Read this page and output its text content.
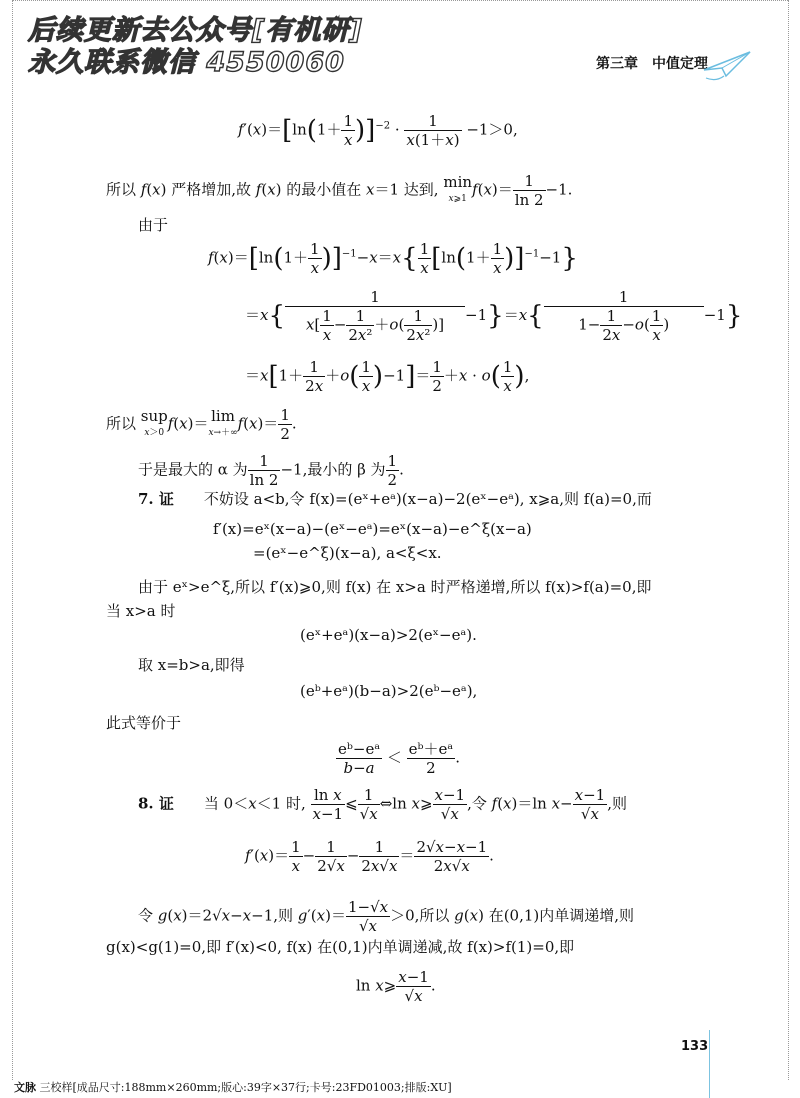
后续更新去公众号[有机研]
永久联系微信 4550060	第三章　中值定理
𝑓′(𝑥)＝[ln(1＋ $\frac{1}{\text{𝑥}} )]^{-2} \cdot \frac{1}{\text{𝑥(1＋𝑥)}} -1>0$,
所以 𝑓(𝑥) 严格增加,故 𝑓(𝑥) 的最小值在 𝑥＝1 达到, min
𝑥⩾1𝑓(𝑥)＝ $\frac{1}{\ln 2} -1$.
由于
𝑓(𝑥)＝[ln(1＋ $\frac{1}{\text{𝑥}}$ )]$^{-1}$−𝑥＝𝑥{ $\frac{1}{\text{𝑥}} [\ln(1+ \frac{1}{\text{𝑥}} )]^{-1}-1$}
＝𝑥{ $\frac{1}{𝑥[ \frac{1}{\text{𝑥}} - \frac{1}{\text{2𝑥²}} +𝑜( \frac{1}{\text{2𝑥²}} )]}$ −1}＝𝑥{ $\frac{1}{1- \frac{1}{\text{2𝑥}} -𝑜( \frac{1}{\text{𝑥}} )} -1$}
＝𝑥[1＋ $\frac{1}{\text{2𝑥}}$ ＋𝑜( $\frac{1}{\text{𝑥}} )-1]= \frac{1}{2}$ ＋𝑥 · 𝑜( $\frac{1}{\text{𝑥}}$ ),
所以 sup
𝑥＞0𝑓(𝑥)＝ lim
𝑥→＋∞𝑓(𝑥)＝ $\frac{1}{2}$ .
于是最大的 α 为 $\frac{1}{\ln 2} -1$,最小的 β 为 $\frac{1}{2}$ .
7. 证　　 不妨设 a<b,令 f(x)=(eˣ+eᵃ)(x−a)−2(eˣ−eᵃ), x⩾a,则 f(a)=0,而
f′(x)=eˣ(x−a)−(eˣ−eᵃ)=eˣ(x−a)−e^ξ(x−a)
=(eˣ−e^ξ)(x−a), a<ξ<x.
由于 eˣ>e^ξ,所以 f′(x)⩾0,则 f(x) 在 x>a 时严格递增,所以 f(x)>f(a)=0,即
当 x>a 时
(eˣ+eᵃ)(x−a)>2(eˣ−eᵃ).
取 x=b>a,即得
(eᵇ+eᵃ)(b−a)>2(eᵇ−eᵃ),
此式等价于
$\frac{\text{eᵇ−eᵃ}}{\text{𝑏−𝑎}} < \frac{\text{eᵇ＋eᵃ}}{2}$ .
8. 证　　当 0＜𝑥＜1 时, $\frac{\text{ln 𝑥}}{\text{𝑥−1}}$ ⩽ $\frac{1}{\text{√𝑥}}$ ⇔ln 𝑥⩾ $\frac{\text{𝑥−1}}{\text{√𝑥}}$ ,令 𝑓(𝑥)＝ln 𝑥− $\frac{\text{𝑥−1}}{\text{√𝑥}}$ ,则
𝑓′(𝑥)＝ $\frac{1}{\text{𝑥}} - \frac{1}{\text{2√𝑥}} - \frac{1}{\text{2𝑥√𝑥}} = \frac{\text{2√𝑥−𝑥−1}}{\text{2𝑥√𝑥}}$ .
令 𝑔(𝑥)＝2√𝑥−𝑥−1,则 𝑔′(𝑥)＝ $\frac{\text{1−√𝑥}}{\text{√𝑥}} >0$,所以 𝑔(𝑥) 在(0,1)内单调递增,则
g(x)<g(1)=0,即 f′(x)<0, f(x) 在(0,1)内单调递减,故 f(x)>f(1)=0,即
ln 𝑥⩾ $\frac{\text{𝑥−1}}{\text{√𝑥}}$ .
133
文脉 三校样[成品尺寸:188mm×260mm;版心:39字×37行;卡号:23FD01003;排版:XU]
